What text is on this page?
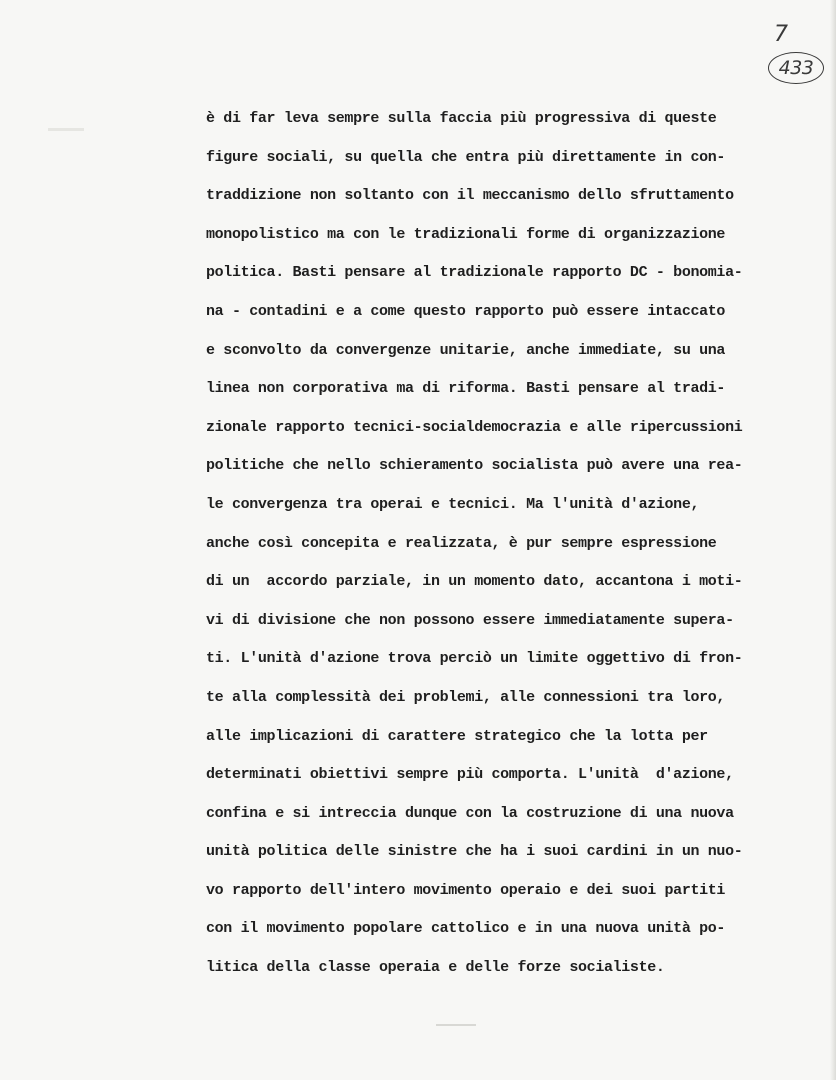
7
433
è di far leva sempre sulla faccia più progressiva di queste
figure sociali, su quella che entra più direttamente in con-
traddizione non soltanto con il meccanismo dello sfruttamento
monopolistico ma con le tradizionali forme di organizzazione
politica. Basti pensare al tradizionale rapporto DC - bonomia-
na - contadini e a come questo rapporto può essere intaccato
e sconvolto da convergenze unitarie, anche immediate, su una
linea non corporativa ma di riforma. Basti pensare al tradi-
zionale rapporto tecnici-socialdemocrazia e alle ripercussioni
politiche che nello schieramento socialista può avere una rea-
le convergenza tra operai e tecnici. Ma l'unità d'azione,
anche così concepita e realizzata, è pur sempre espressione
di un  accordo parziale, in un momento dato, accantona i moti-
vi di divisione che non possono essere immediatamente supera-
ti. L'unità d'azione trova perciò un limite oggettivo di fron-
te alla complessità dei problemi, alle connessioni tra loro,
alle implicazioni di carattere strategico che la lotta per
determinati obiettivi sempre più comporta. L'unità  d'azione,
confina e si intreccia dunque con la costruzione di una nuova
unità politica delle sinistre che ha i suoi cardini in un nuo-
vo rapporto dell'intero movimento operaio e dei suoi partiti
con il movimento popolare cattolico e in una nuova unità po-
litica della classe operaia e delle forze socialiste.
